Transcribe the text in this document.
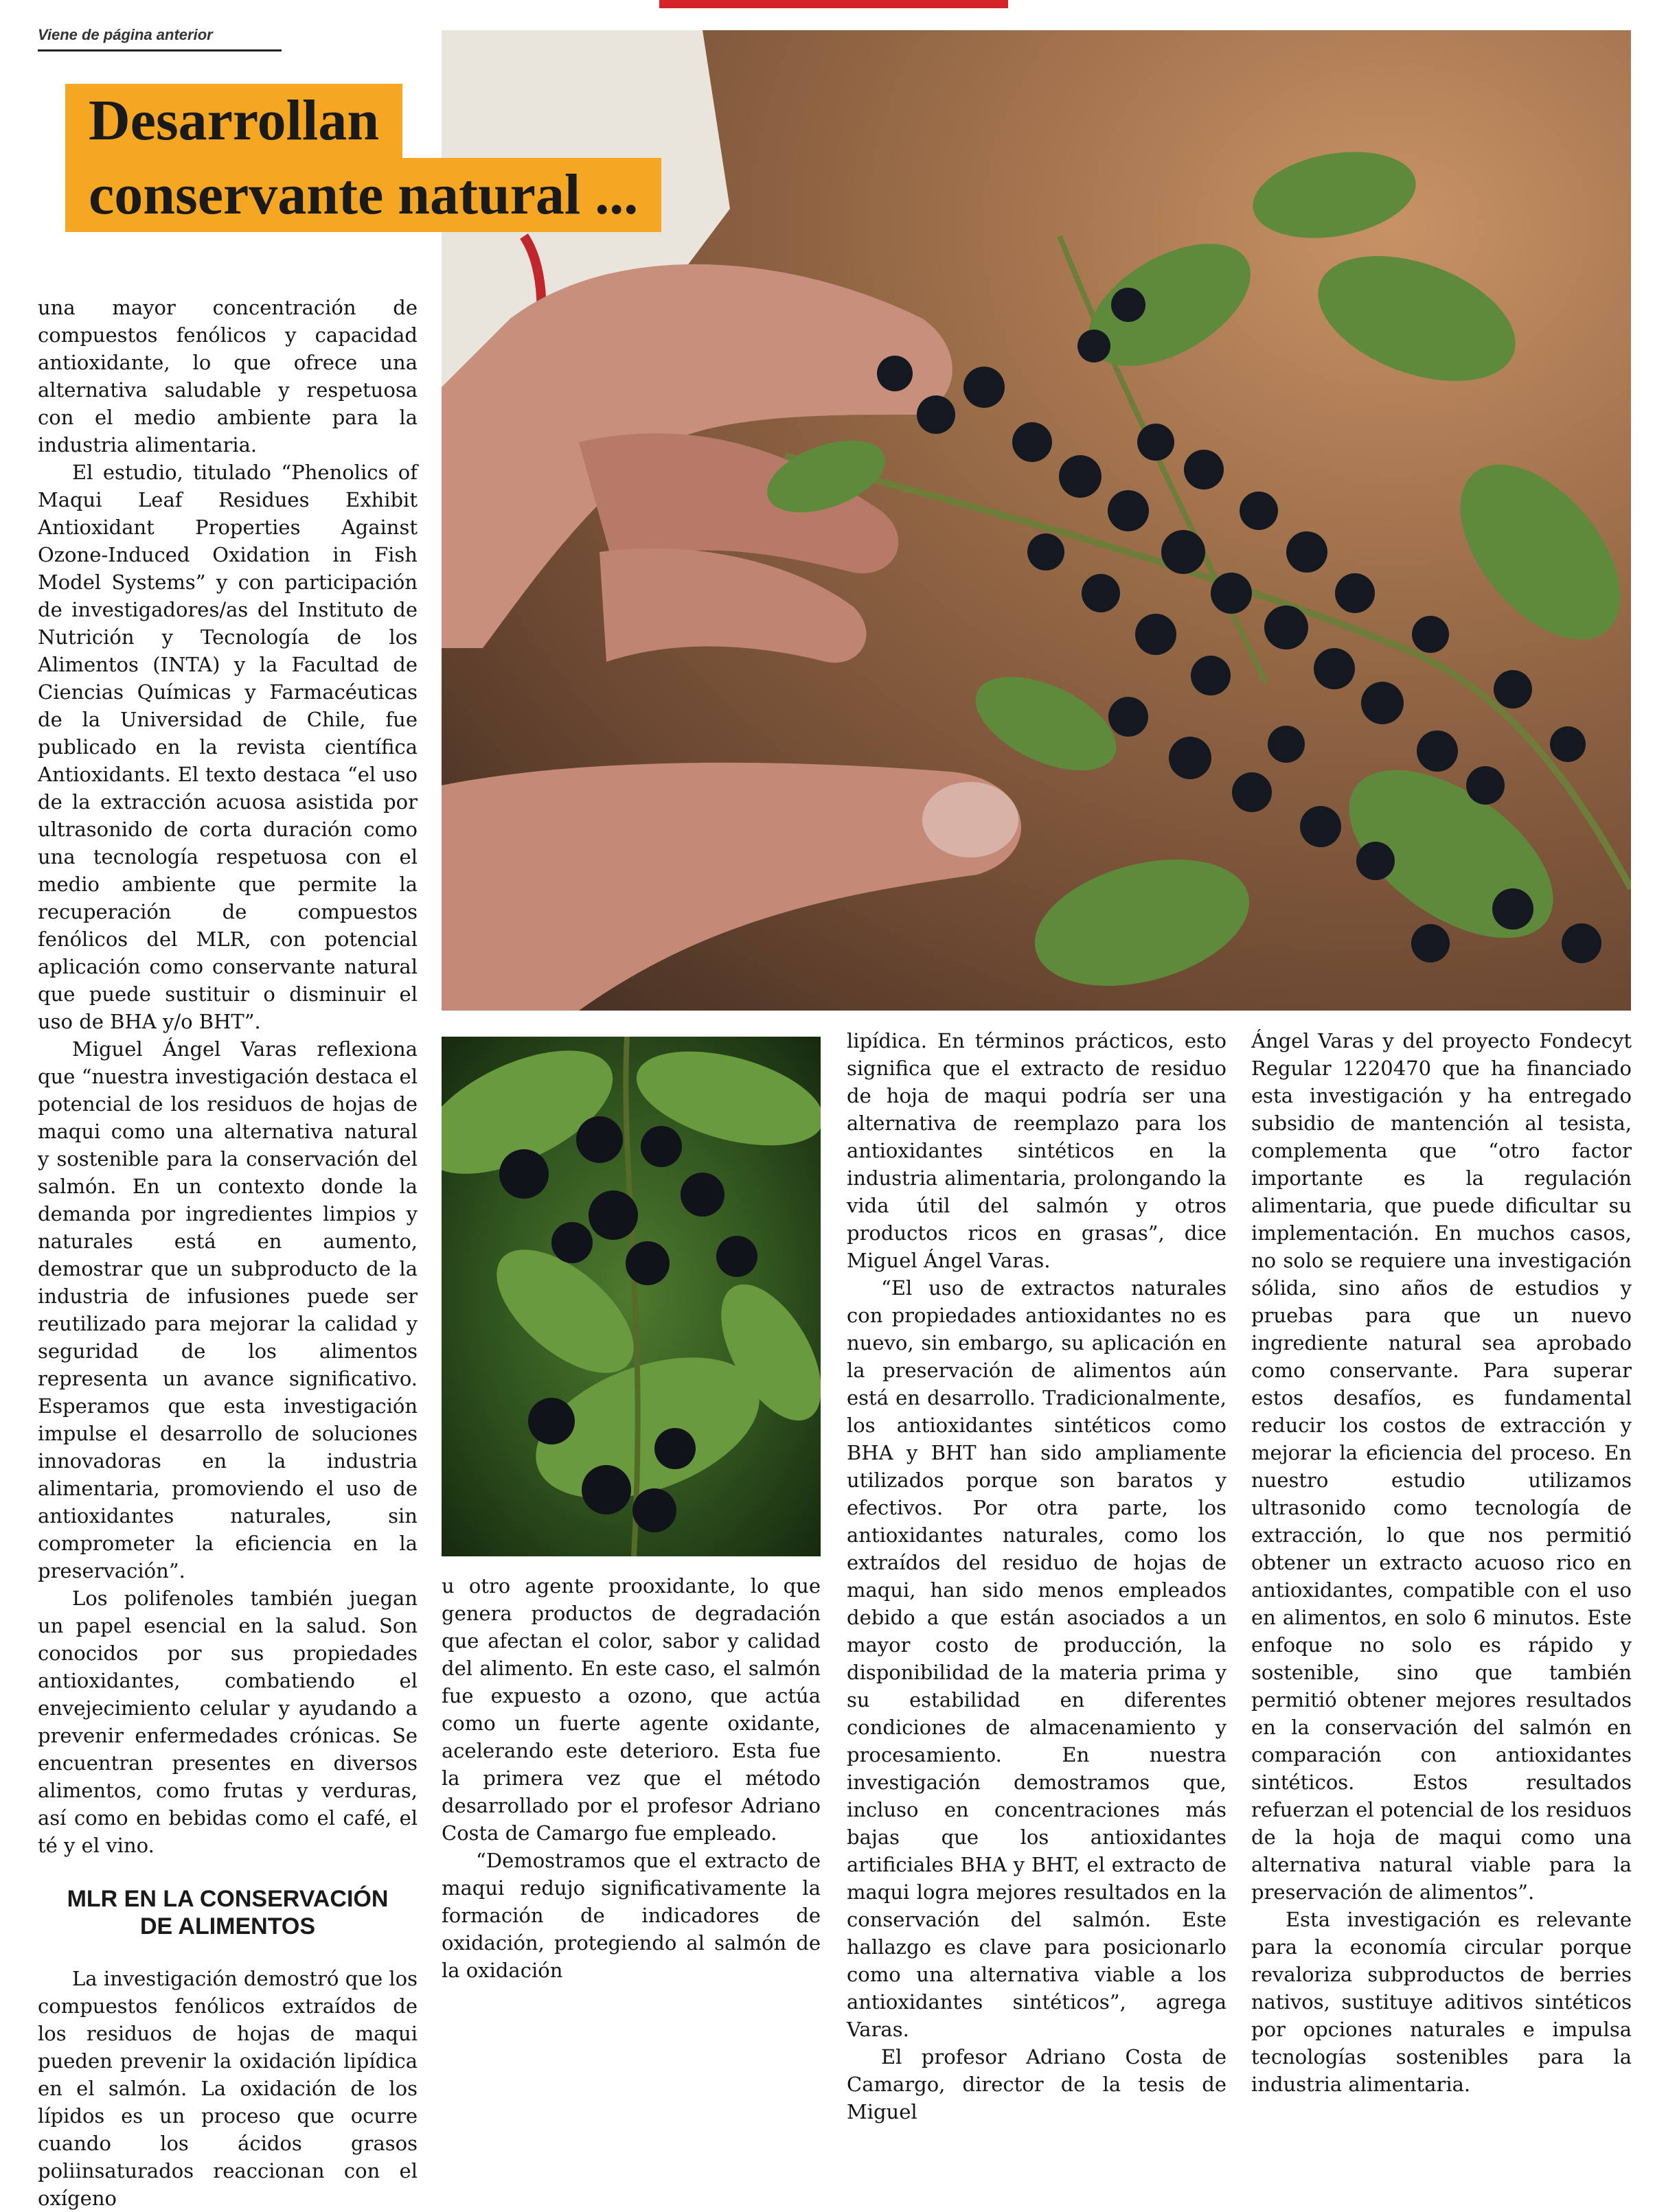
Viene de página anterior
Desarrollan
conservante natural ...

una mayor concentración de compuestos fenólicos y capacidad antioxidante, lo que ofrece una alternativa saludable y respetuosa con el medio ambiente para la industria alimentaria.

El estudio, titulado “Phenolics of Maqui Leaf Residues Exhibit Antioxidant Properties Against Ozone-Induced Oxidation in Fish Model Systems” y con participación de investigadores/as del Instituto de Nutrición y Tecnología de los Alimentos (INTA) y la Facultad de Ciencias Químicas y Farmacéuticas de la Universidad de Chile, fue publicado en la revista científica Antioxidants. El texto destaca “el uso de la extracción acuosa asistida por ultrasonido de corta duración como una tecnología respetuosa con el medio ambiente que permite la recuperación de compuestos fenólicos del MLR, con potencial aplicación como conservante natural que puede sustituir o disminuir el uso de BHA y/o BHT”.

Miguel Ángel Varas reflexiona que “nuestra investigación destaca el potencial de los residuos de hojas de maqui como una alternativa natural y sostenible para la conservación del salmón. En un contexto donde la demanda por ingredientes limpios y naturales está en aumento, demostrar que un subproducto de la industria de infusiones puede ser reutilizado para mejorar la calidad y seguridad de los alimentos representa un avance significativo. Esperamos que esta investigación impulse el desarrollo de soluciones innovadoras en la industria alimentaria, promoviendo el uso de antioxidantes naturales, sin comprometer la eficiencia en la preservación”.

Los polifenoles también juegan un papel esencial en la salud. Son conocidos por sus propiedades antioxidantes, combatiendo el envejecimiento celular y ayudando a prevenir enfermedades crónicas. Se encuentran presentes en diversos alimentos, como frutas y verduras, así como en bebidas como el café, el té y el vino.

MLR EN LA CONSERVACIÓN
DE ALIMENTOS

La investigación demostró que los compuestos fenólicos extraídos de los residuos de hojas de maqui pueden prevenir la oxidación lipídica en el salmón. La oxidación de los lípidos es un proceso que ocurre cuando los ácidos grasos poliinsaturados reaccionan con el oxígeno

u otro agente prooxidante, lo que genera productos de degradación que afectan el color, sabor y calidad del alimento. En este caso, el salmón fue expuesto a ozono, que actúa como un fuerte agente oxidante, acelerando este deterioro. Esta fue la primera vez que el método desarrollado por el profesor Adriano Costa de Camargo fue empleado.

“Demostramos que el extracto de maqui redujo significativamente la formación de indicadores de oxidación, protegiendo al salmón de la oxidación

lipídica. En términos prácticos, esto significa que el extracto de residuo de hoja de maqui podría ser una alternativa de reemplazo para los antioxidantes sintéticos en la industria alimentaria, prolongando la vida útil del salmón y otros productos ricos en grasas”, dice Miguel Ángel Varas.

“El uso de extractos naturales con propiedades antioxidantes no es nuevo, sin embargo, su aplicación en la preservación de alimentos aún está en desarrollo. Tradicionalmente, los antioxidantes sintéticos como BHA y BHT han sido ampliamente utilizados porque son baratos y efectivos. Por otra parte, los antioxidantes naturales, como los extraídos del residuo de hojas de maqui, han sido menos empleados debido a que están asociados a un mayor costo de producción, la disponibilidad de la materia prima y su estabilidad en diferentes condiciones de almacenamiento y procesamiento. En nuestra investigación demostramos que, incluso en concentraciones más bajas que los antioxidantes artificiales BHA y BHT, el extracto de maqui logra mejores resultados en la conservación del salmón. Este hallazgo es clave para posicionarlo como una alternativa viable a los antioxidantes sintéticos”, agrega Varas.

El profesor Adriano Costa de Camargo, director de la tesis de Miguel

Ángel Varas y del proyecto Fondecyt Regular 1220470 que ha financiado esta investigación y ha entregado subsidio de mantención al tesista, complementa que “otro factor importante es la regulación alimentaria, que puede dificultar su implementación. En muchos casos, no solo se requiere una investigación sólida, sino años de estudios y pruebas para que un nuevo ingrediente natural sea aprobado como conservante. Para superar estos desafíos, es fundamental reducir los costos de extracción y mejorar la eficiencia del proceso. En nuestro estudio utilizamos ultrasonido como tecnología de extracción, lo que nos permitió obtener un extracto acuoso rico en antioxidantes, compatible con el uso en alimentos, en solo 6 minutos. Este enfoque no solo es rápido y sostenible, sino que también permitió obtener mejores resultados en la conservación del salmón en comparación con antioxidantes sintéticos. Estos resultados refuerzan el potencial de los residuos de la hoja de maqui como una alternativa natural viable para la preservación de alimentos”.

Esta investigación es relevante para la economía circular porque revaloriza subproductos de berries nativos, sustituye aditivos sintéticos por opciones naturales e impulsa tecnologías sostenibles para la industria alimentaria.
